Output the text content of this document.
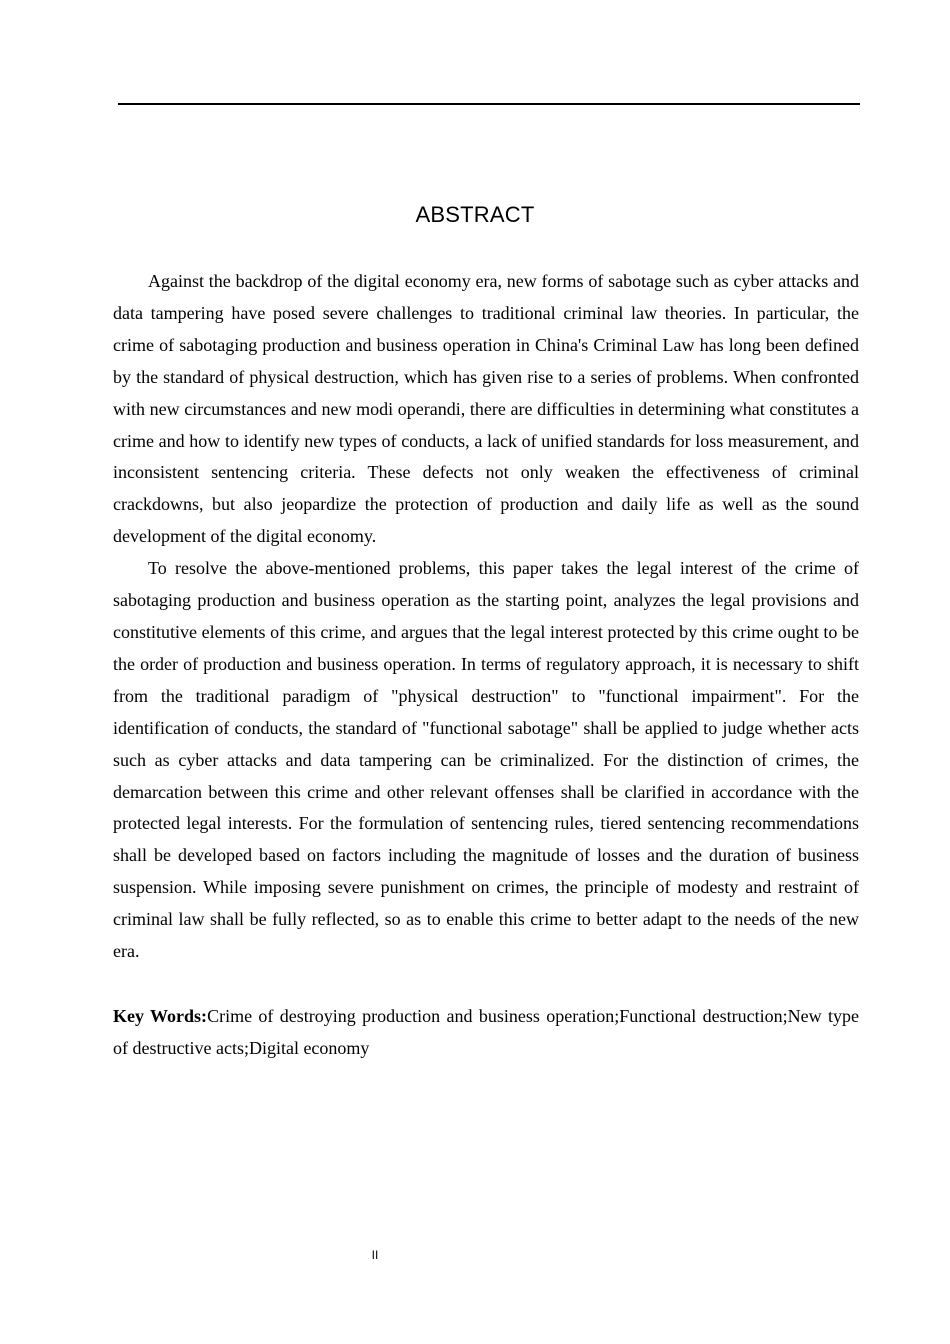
ABSTRACT

Against the backdrop of the digital economy era, new forms of sabotage such as cyber attacks and data tampering have posed severe challenges to traditional criminal law theories. In particular, the crime of sabotaging production and business operation in China's Criminal Law has long been defined by the standard of physical destruction, which has given rise to a series of problems. When confronted with new circumstances and new modi operandi, there are difficulties in determining what constitutes a crime and how to identify new types of conducts, a lack of unified standards for loss measurement, and inconsistent sentencing criteria. These defects not only weaken the effectiveness of criminal crackdowns, but also jeopardize the protection of production and daily life as well as the sound development of the digital economy.

To resolve the above-mentioned problems, this paper takes the legal interest of the crime of sabotaging production and business operation as the starting point, analyzes the legal provisions and constitutive elements of this crime, and argues that the legal interest protected by this crime ought to be the order of production and business operation. In terms of regulatory approach, it is necessary to shift from the traditional paradigm of "physical destruction" to "functional impairment". For the identification of conducts, the standard of "functional sabotage" shall be applied to judge whether acts such as cyber attacks and data tampering can be criminalized. For the distinction of crimes, the demarcation between this crime and other relevant offenses shall be clarified in accordance with the protected legal interests. For the formulation of sentencing rules, tiered sentencing recommendations shall be developed based on factors including the magnitude of losses and the duration of business suspension. While imposing severe punishment on crimes, the principle of modesty and restraint of criminal law shall be fully reflected, so as to enable this crime to better adapt to the needs of the new era.

Key Words:Crime of destroying production and business operation;Functional destruction;New type of destructive acts;Digital economy

II
